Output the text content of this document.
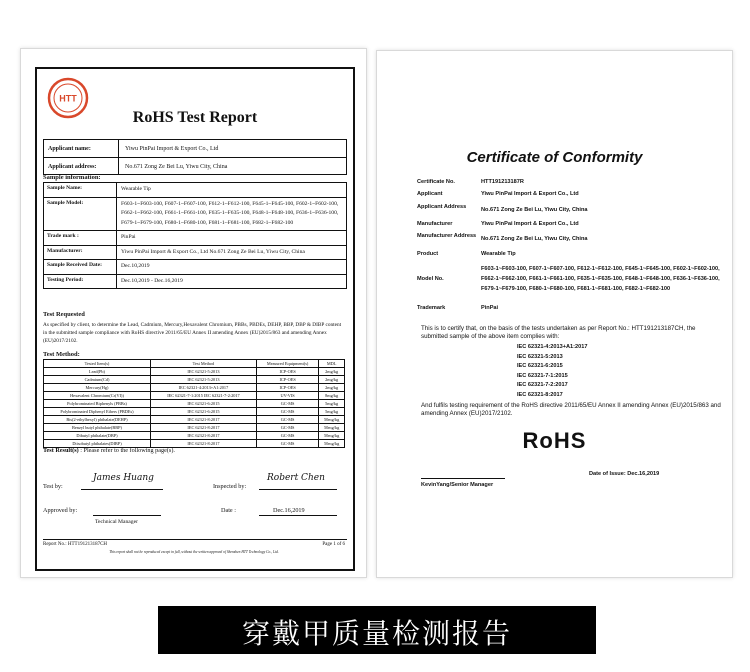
HTT
RoHS Test Report
Applicant name:	Yiwu PinPai Import & Export Co., Ltd
Applicant address:	No.671 Zong Ze Bei Lu, Yiwu City, China
Sample information:
Sample Name:	Wearable Tip
Sample Model:	F603-1~F603-100, F607-1~F607-100, F612-1~F612-100, F645-1~F645-100, F602-1~F602-100, F662-1~F662-100, F661-1~F661-100, F635-1~F635-100, F648-1~F648-100, F636-1~F636-100, F679-1~F679-100, F680-1~F680-100, F681-1~F681-100, F682-1~F682-100
Trade mark :	PinPai
Manufacturer:	Yiwu PinPai Import & Export Co., Ltd No.671 Zong Ze Bei Lu, Yiwu City, China
Sample Received Date:	Dec.10,2019
Testing Period:	Dec.10,2019 - Dec.16,2019
Test Requested
As specified by client, to determine the Lead, Cadmium, Mercury,Hexavalent Chromium, PBBs, PBDEs, DEHP, BBP, DBP & DIBP content in the submitted sample compliance with RoHS directive 2011/65/EU Annex II amending Annex (EU)2015/863 and amending Annex (EU)2017/2102.
Test Method:
Tested Item(s)	Test Method	Measured Equipment(s)	MDL
Lead(Pb)	IEC 62321-5:2013	ICP-OES	2mg/kg
Cadmium(Cd)	IEC 62321-5:2013	ICP-OES	2mg/kg
Mercury(Hg)	IEC 62321-4:2013+A1:2017	ICP-OES	2mg/kg
Hexavalent Chromium(Cr(VI))	IEC 62321-7-1:2015 IEC 62321-7-2:2017	UV-VIS	8mg/kg
Polybrominated Biphenyls (PBBs)	IEC 62321-6:2015	GC-MS	5mg/kg
Polybrominated Diphenyl Ethers (PBDEs)	IEC 62321-6:2015	GC-MS	5mg/kg
Bis(2-ethylhexyl) phthalate(DEHP)	IEC 62321-8:2017	GC-MS	50mg/kg
Benzyl butyl phthalate(BBP)	IEC 62321-8:2017	GC-MS	50mg/kg
Dibutyl phthalate(DBP)	IEC 62321-8:2017	GC-MS	50mg/kg
Diisobutyl phthalates(DIBP)	IEC 62321-8:2017	GC-MS	50mg/kg
Test Result(s) : Please refer to the following page(s).
Test by:
James Huang
Inspected by:
Robert Chen
Approved by:
Technical Manager
Date :	Dec.16,2019
Report No.: HTT191213187CH	Page 1 of 6
This report shall not be reproduced except in full, without the written approval of Shenzhen HTT Technology Co., Ltd.
Certificate of Conformity
Certificate No.	HTT191213187R
Applicant	Yiwu PinPai Import & Export Co., Ltd
Applicant Address	No.671 Zong Ze Bei Lu, Yiwu City, China
Manufacturer	Yiwu PinPai Import & Export Co., Ltd
Manufacturer Address No.671 Zong Ze Bei Lu, Yiwu City, China
Product	Wearable Tip
Model No.
F603-1~F603-100, F607-1~F607-100, F612-1~F612-100, F645-1~F645-100, F602-1~F602-100, F662-1~F662-100, F661-1~F661-100, F635-1~F635-100, F648-1~F648-100, F636-1~F636-100, F679-1~F679-100, F680-1~F680-100, F681-1~F681-100, F682-1~F682-100
Trademark	PinPai
This is to certify that, on the basis of the tests undertaken as per Report No.: HTT191213187CH, the submitted sample of the above item complies with:
IEC 62321-4:2013+A1:2017
IEC 62321-5:2013
IEC 62321-6:2015
IEC 62321-7-1:2015
IEC 62321-7-2:2017
IEC 62321-8:2017
And fulfils testing requirement of the RoHS directive 2011/65/EU Annex II amending Annex (EU)2015/863 and amending Annex (EU)2017/2102.
RoHS
Date of Issue: Dec.16,2019
KevinYang/Senior Manager
穿戴甲质量检测报告
